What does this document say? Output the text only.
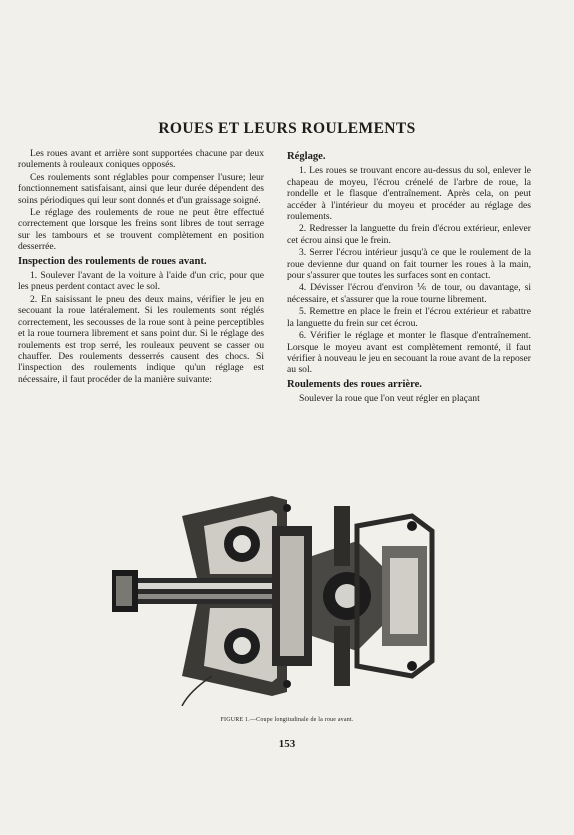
ROUES ET LEURS ROULEMENTS

Les roues avant et arrière sont supportées chacune par deux roulements à rouleaux coniques opposés.

Ces roulements sont réglables pour compenser l'usure; leur fonctionnement satisfaisant, ainsi que leur durée dépendent des soins périodiques qui leur sont donnés et d'un graissage soigné.

Le réglage des roulements de roue ne peut être effectué correctement que lorsque les freins sont libres de tout serrage sur les tambours et se trouvent complètement en position desserrée.

Inspection des roulements de roues avant.

1. Soulever l'avant de la voiture à l'aide d'un cric, pour que les pneus perdent contact avec le sol.

2. En saisissant le pneu des deux mains, vérifier le jeu en secouant la roue latéralement. Si les roulements sont réglés correctement, les secousses de la roue sont à peine perceptibles et la roue tournera librement et sans point dur. Si le réglage des roulements est trop serré, les rouleaux peuvent se casser ou chauffer. Des roulements desserrés causent des chocs. Si l'inspection des roulements indique qu'un réglage est nécessaire, il faut procéder de la manière suivante:

Réglage.

1. Les roues se trouvant encore au-dessus du sol, enlever le chapeau de moyeu, l'écrou crénelé de l'arbre de roue, la rondelle et le flasque d'entraînement. Après cela, on peut accéder à l'intérieur du moyeu et procéder au réglage des roulements.

2. Redresser la languette du frein d'écrou extérieur, enlever cet écrou ainsi que le frein.

3. Serrer l'écrou intérieur jusqu'à ce que le roulement de la roue devienne dur quand on fait tourner les roues à la main, pour s'assurer que toutes les surfaces sont en contact.

4. Dévisser l'écrou d'environ ⅙ de tour, ou davantage, si nécessaire, et s'assurer que la roue tourne librement.

5. Remettre en place le frein et l'écrou extérieur et rabattre la languette du frein sur cet écrou.

6. Vérifier le réglage et monter le flasque d'entraînement. Lorsque le moyeu avant est complètement remonté, il faut vérifier à nouveau le jeu en secouant la roue avant de la reposer au sol.

Roulements des roues arrière.

Soulever la roue que l'on veut régler en plaçant

FIGURE 1.—Coupe longitudinale de la roue avant.
153
